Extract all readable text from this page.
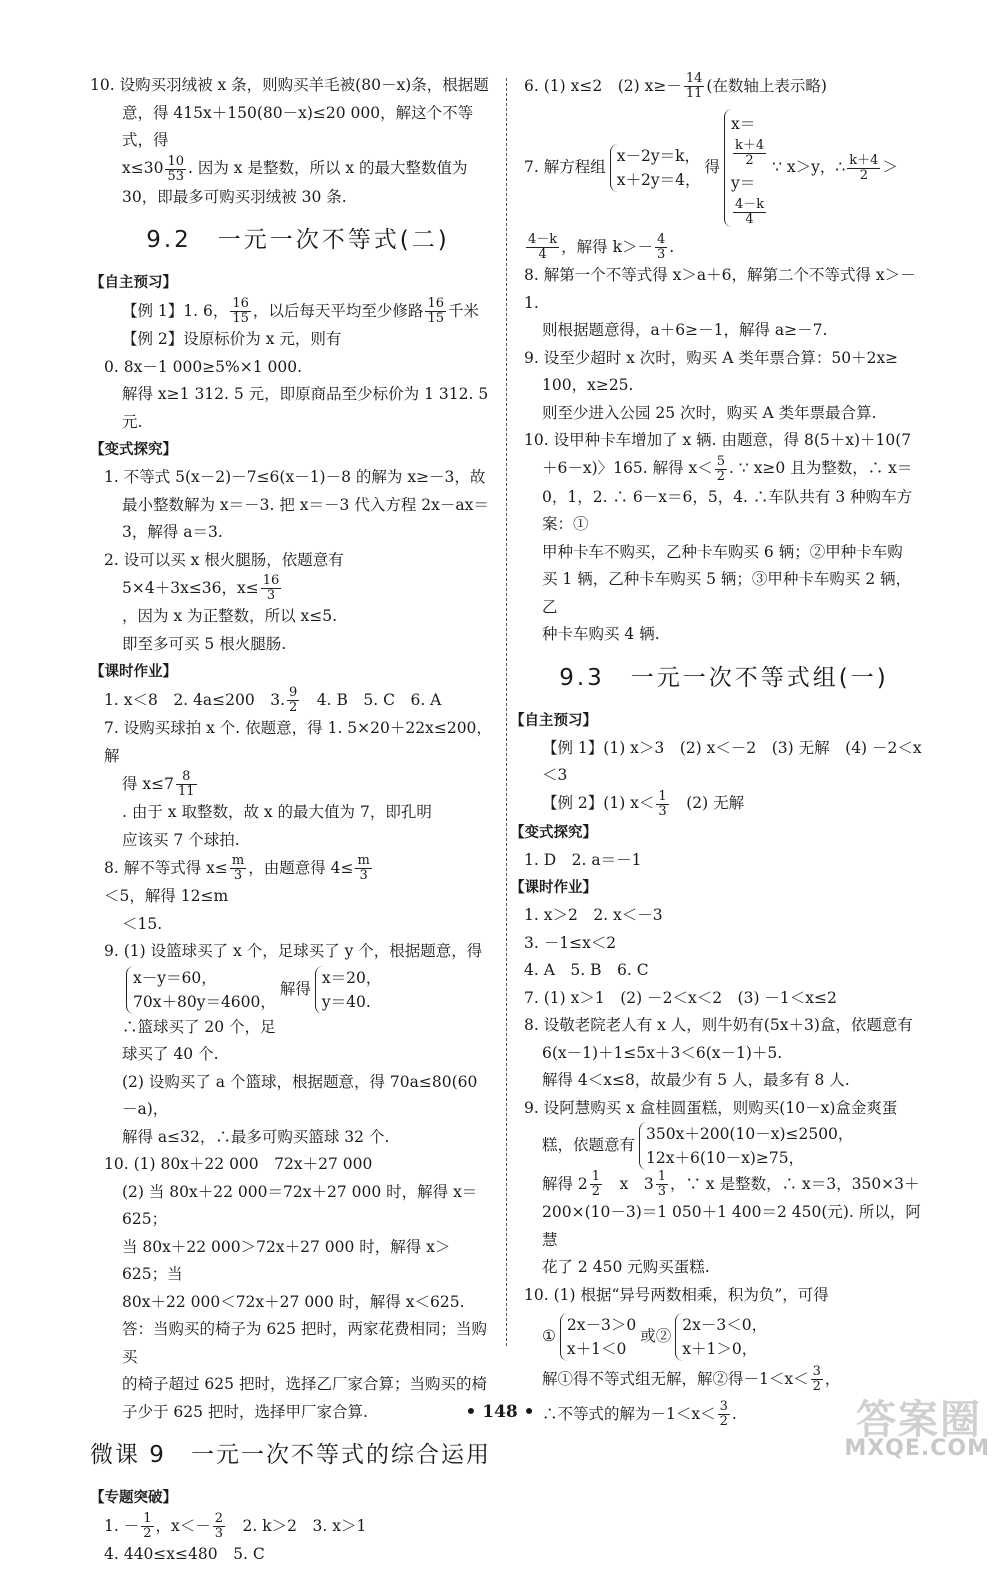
10. 设购买羽绒被 x 条，则购买羊毛被(80－x)条，根据题

意，得 415x＋150(80－x)≤20 000，解这个不等式，得

$x\le 30 \frac{10}{53}$ . 因为 x 是整数，所以 x 的最大整数值为

30，即最多可购买羽绒被 30 条.

9.2　一元一次不等式(二)
【自主预习】

【例 1】1. 6， $\frac{16}{15}$ ，以后每天平均至少修路 $\frac{16}{15}$ 千米

【例 2】设原标价为 x 元，则有

0. 8x－1 000≥5%×1 000.

解得 x≥1 312. 5 元，即原商品至少标价为 1 312. 5 元.

【变式探究】

1. 不等式 5(x－2)－7≤6(x－1)－8 的解为 x≥－3，故

最小整数解为 x＝－3. 把 x＝－3 代入方程 2x－ax＝

3，解得 a＝3.

2. 设可以买 x 根火腿肠，依题意有

5×4＋3x≤36，$x\le \frac{16}{3}$
，因为 x 为正整数，所以 x≤5.

即至多可买 5 根火腿肠.

【课时作业】

1. x＜8　2. 4a≤200　3. $\frac{9}{2}$ 　4. B　5. C　6. A

7. 设购买球拍 x 个. 依题意，得 1. 5×20＋22x≤200，解

得 $x\le 7 \frac{8}{11}$
. 由于 x 取整数，故 x 的最大值为 7，即孔明

应该买 7 个球拍.

8. 解不等式得 $x\le \frac{m}{3}$ ，由题意得 $4\le \frac{m}{3}$
＜5，解得 12≤m

＜15.

9. (1) 设篮球买了 x 个，足球买了 y 个，根据题意，得

x－y＝60，
70x＋80y＝4600，
解得
x＝20，
y＝40.
∴篮球买了 20 个，足

球买了 40 个.

(2) 设购买了 a 个篮球，根据题意，得 70a≤80(60－a)，

解得 a≤32，∴最多可购买篮球 32 个.

10. (1) 80x＋22 000　72x＋27 000

(2) 当 80x＋22 000＝72x＋27 000 时，解得 x＝625；

当 80x＋22 000＞72x＋27 000 时，解得 x＞625；当

80x＋22 000＜72x＋27 000 时，解得 x＜625.

答：当购买的椅子为 625 把时，两家花费相同；当购买

的椅子超过 625 把时，选择乙厂家合算；当购买的椅

子少于 625 把时，选择甲厂家合算.

微课 9　一元一次不等式的综合运用
【专题突破】

1. － $\frac{1}{2}$ ，$x<- \frac{2}{3}$ 　2. k＞2　3. x＞1

4. 440≤x≤480　5. C

6. (1) x≤2　(2) $x\ge- \frac{14}{11}$ (在数轴上表示略)

7. 解方程组
x－2y＝k，
x＋2y＝4，
得
x＝
k＋4
2
y＝
4－k
4
∵ x＞y，∴ $\frac{k+4}{2}$ ＞

$\frac{4-k}{4}$ ，解得 $k>- \frac{4}{3}$ .

8. 解第一个不等式得 x＞a＋6，解第二个不等式得 x＞－1.

则根据题意得，a＋6≥－1，解得 a≥－7.

9. 设至少超时 x 次时，购买 A 类年票合算：50＋2x≥

100，x≥25.

则至少进入公园 25 次时，购买 A 类年票最合算.

10. 设甲种卡车增加了 x 辆. 由题意，得 8(5＋x)＋10(7

＋6－x)〉165. 解得 $x< \frac{5}{2}$ . ∵ x≥0 且为整数，∴ x＝

0，1，2. ∴ 6－x＝6，5，4. ∴车队共有 3 种购车方案：①

甲种卡车不购买，乙种卡车购买 6 辆；②甲种卡车购

买 1 辆，乙种卡车购买 5 辆；③甲种卡车购买 2 辆，乙

种卡车购买 4 辆.

9.3　一元一次不等式组(一)
【自主预习】

【例 1】(1) x＞3　(2) x＜－2　(3) 无解　(4) －2＜x＜3

【例 2】(1) $x< \frac{1}{3}$ 　(2) 无解

【变式探究】

1. D　2. a＝－1

【课时作业】

1. x＞2　2. x＜－3

3. －1≤x＜2

4. A　5. B　6. C

7. (1) x＞1　(2) －2＜x＜2　(3) －1＜x≤2

8. 设敬老院老人有 x 人，则牛奶有(5x＋3)盒，依题意有

6(x－1)＋1≤5x＋3＜6(x－1)＋5.

解得 4＜x≤8，故最少有 5 人，最多有 8 人.

9. 设阿慧购买 x 盒桂圆蛋糕，则购买(10－x)盒金爽蛋

糕，依题意有
350x＋200(10－x)≤2500，
12x＋6(10－x)≥75，

解得 $2 \frac{1}{2}$ 　x　$3 \frac{1}{3}$ ，∵ x 是整数，∴ x＝3，350×3＋

200×(10－3)＝1 050＋1 400＝2 450(元). 所以，阿慧

花了 2 450 元购买蛋糕.

10. (1) 根据“异号两数相乘，积为负”，可得

①
2x－3＞0
x＋1＜0
或②
2x－3＜0，
x＋1＞0，

解①得不等式组无解，解②得$-1<x< \frac{3}{2}$ ，

∴不等式的解为$-1<x< \frac{3}{2}$ .

• 148 •	答案圈
MXQE.COM
